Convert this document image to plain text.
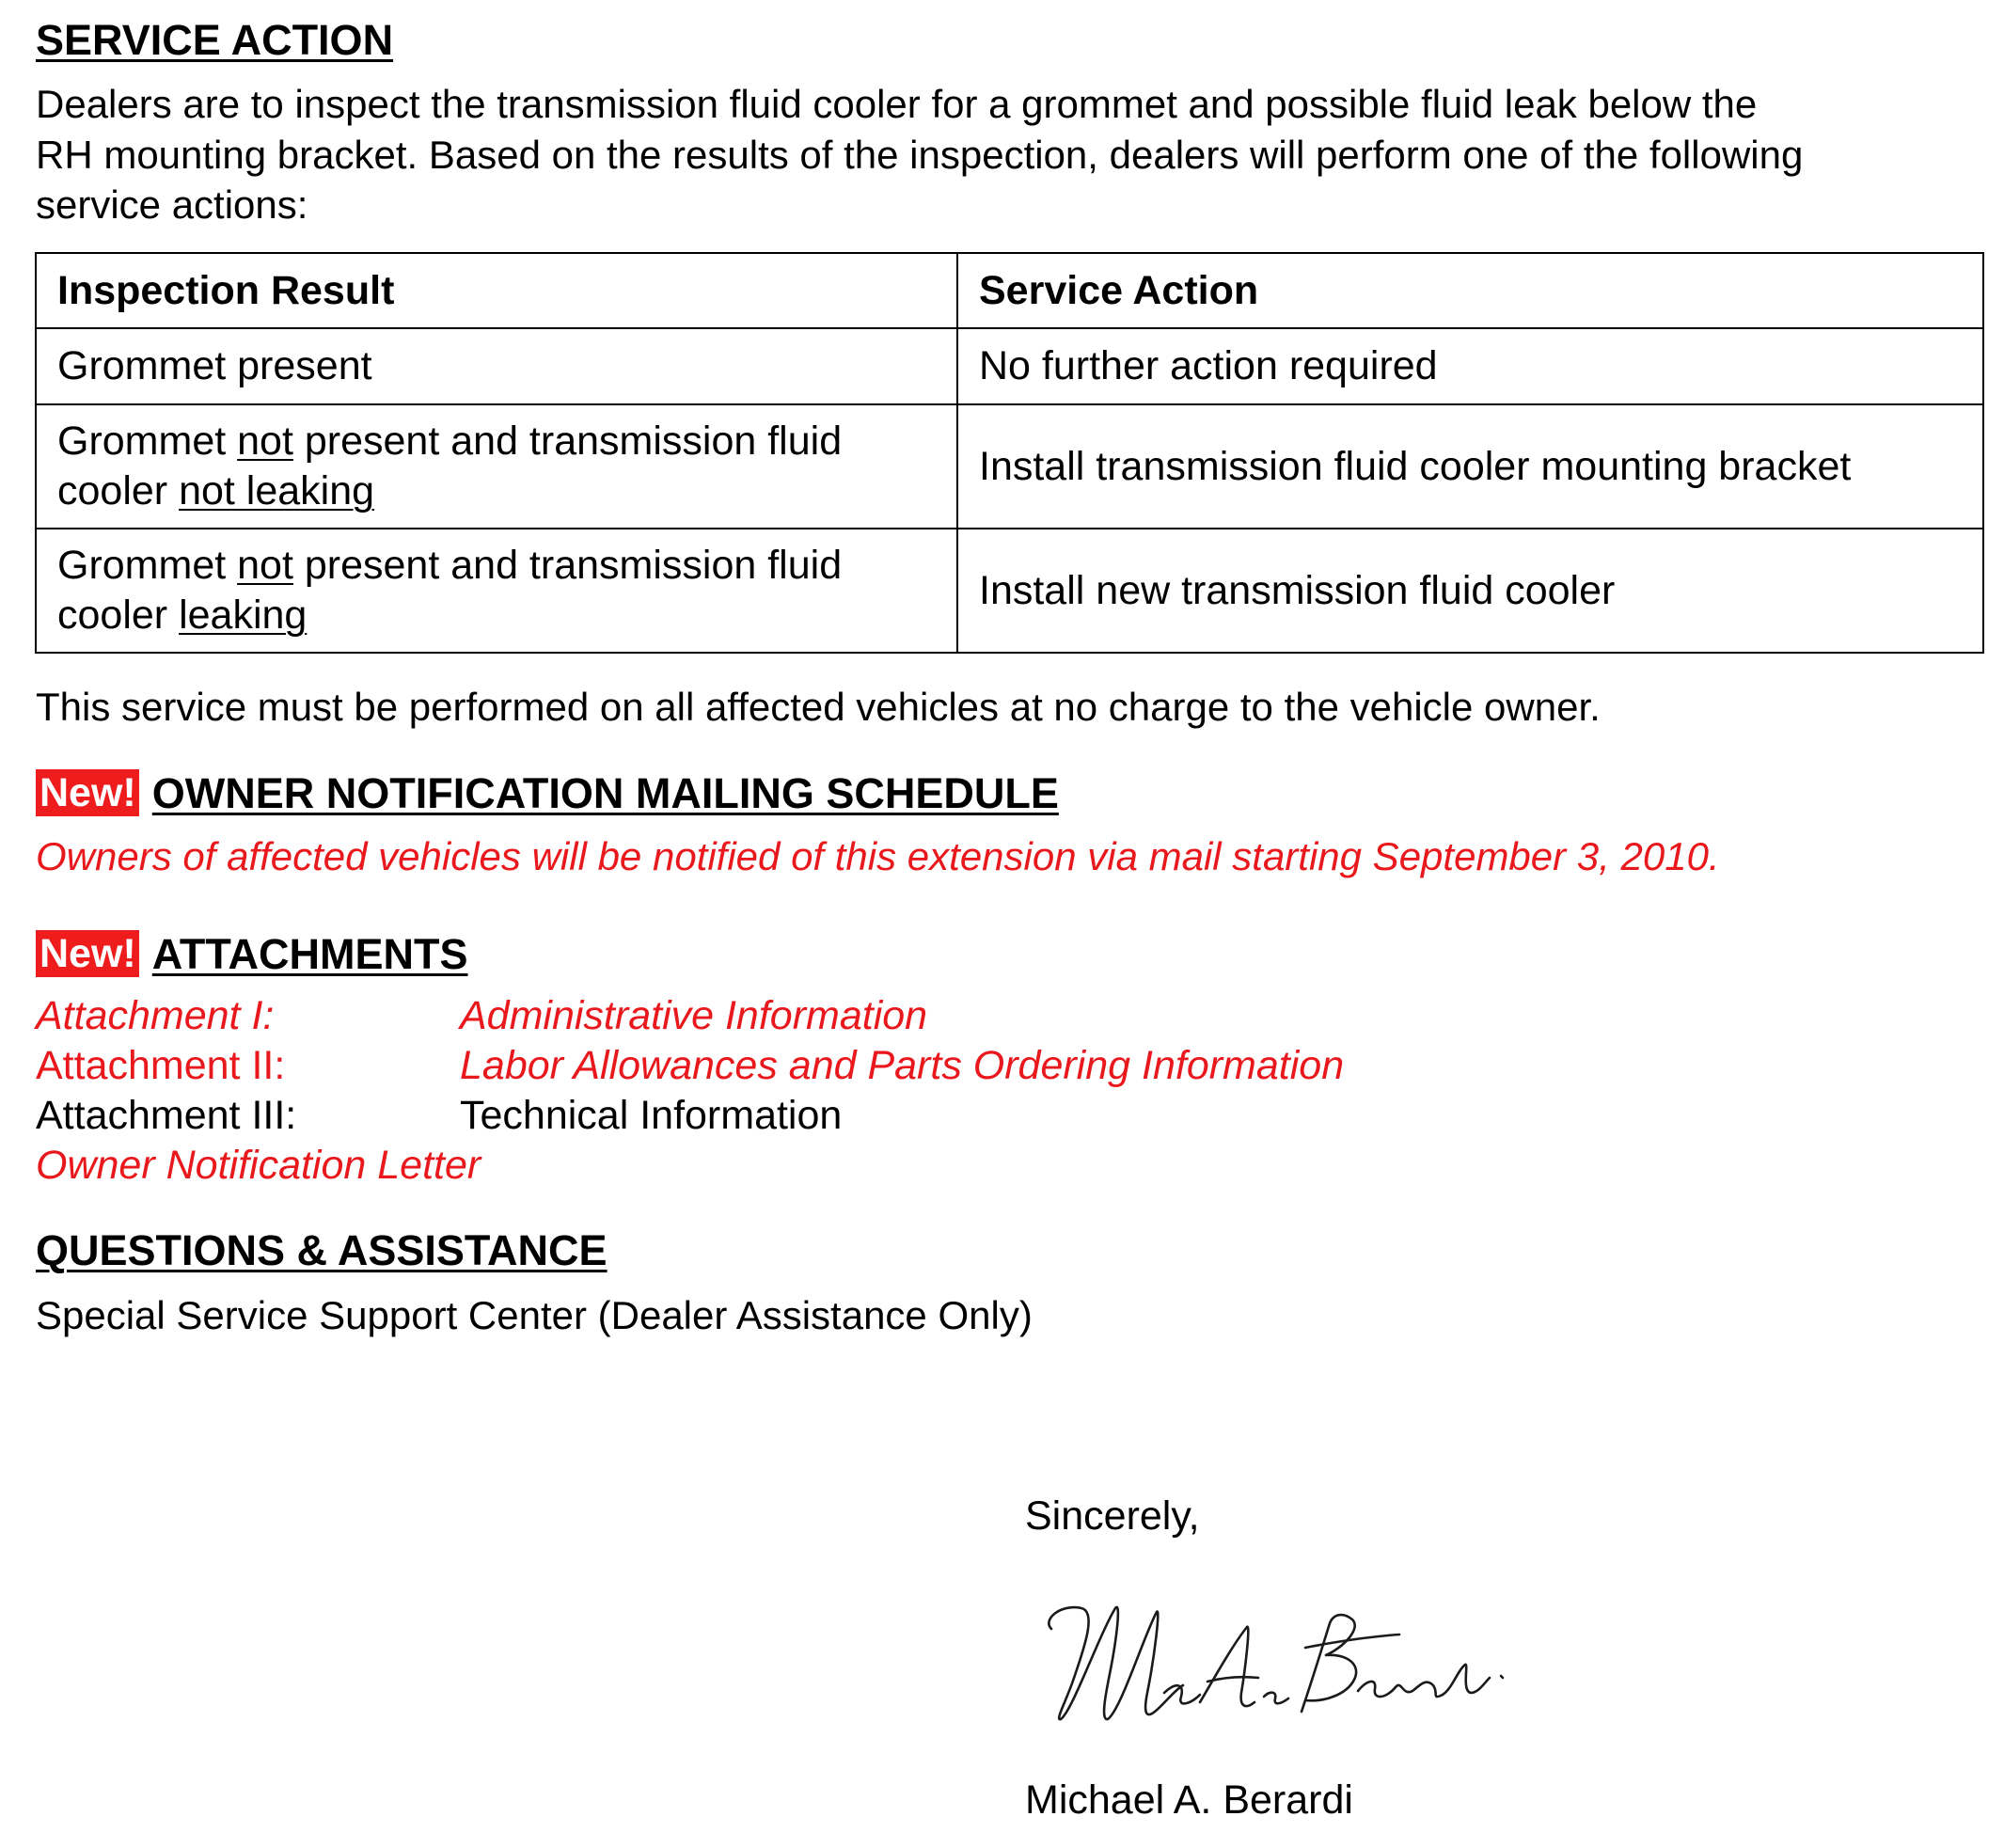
SERVICE ACTION
Dealers are to inspect the transmission fluid cooler for a grommet and possible fluid leak below the
RH mounting bracket. Based on the results of the inspection, dealers will perform one of the following
service actions:
Inspection Result	Service Action
Grommet present	No further action required

Grommet not present and transmission fluid
cooler not leaking	Install transmission fluid cooler mounting bracket

Grommet not present and transmission fluid
cooler leaking	Install new transmission fluid cooler
This service must be performed on all affected vehicles at no charge to the vehicle owner.
New! OWNER NOTIFICATION MAILING SCHEDULE
Owners of affected vehicles will be notified of this extension via mail starting September 3, 2010.
New! ATTACHMENTS
Attachment I:	Administrative Information
Attachment II:	Labor Allowances and Parts Ordering Information
Attachment III:	Technical Information
Owner Notification Letter
QUESTIONS & ASSISTANCE
Special Service Support Center (Dealer Assistance Only)
Sincerely,
Michael A. Berardi
